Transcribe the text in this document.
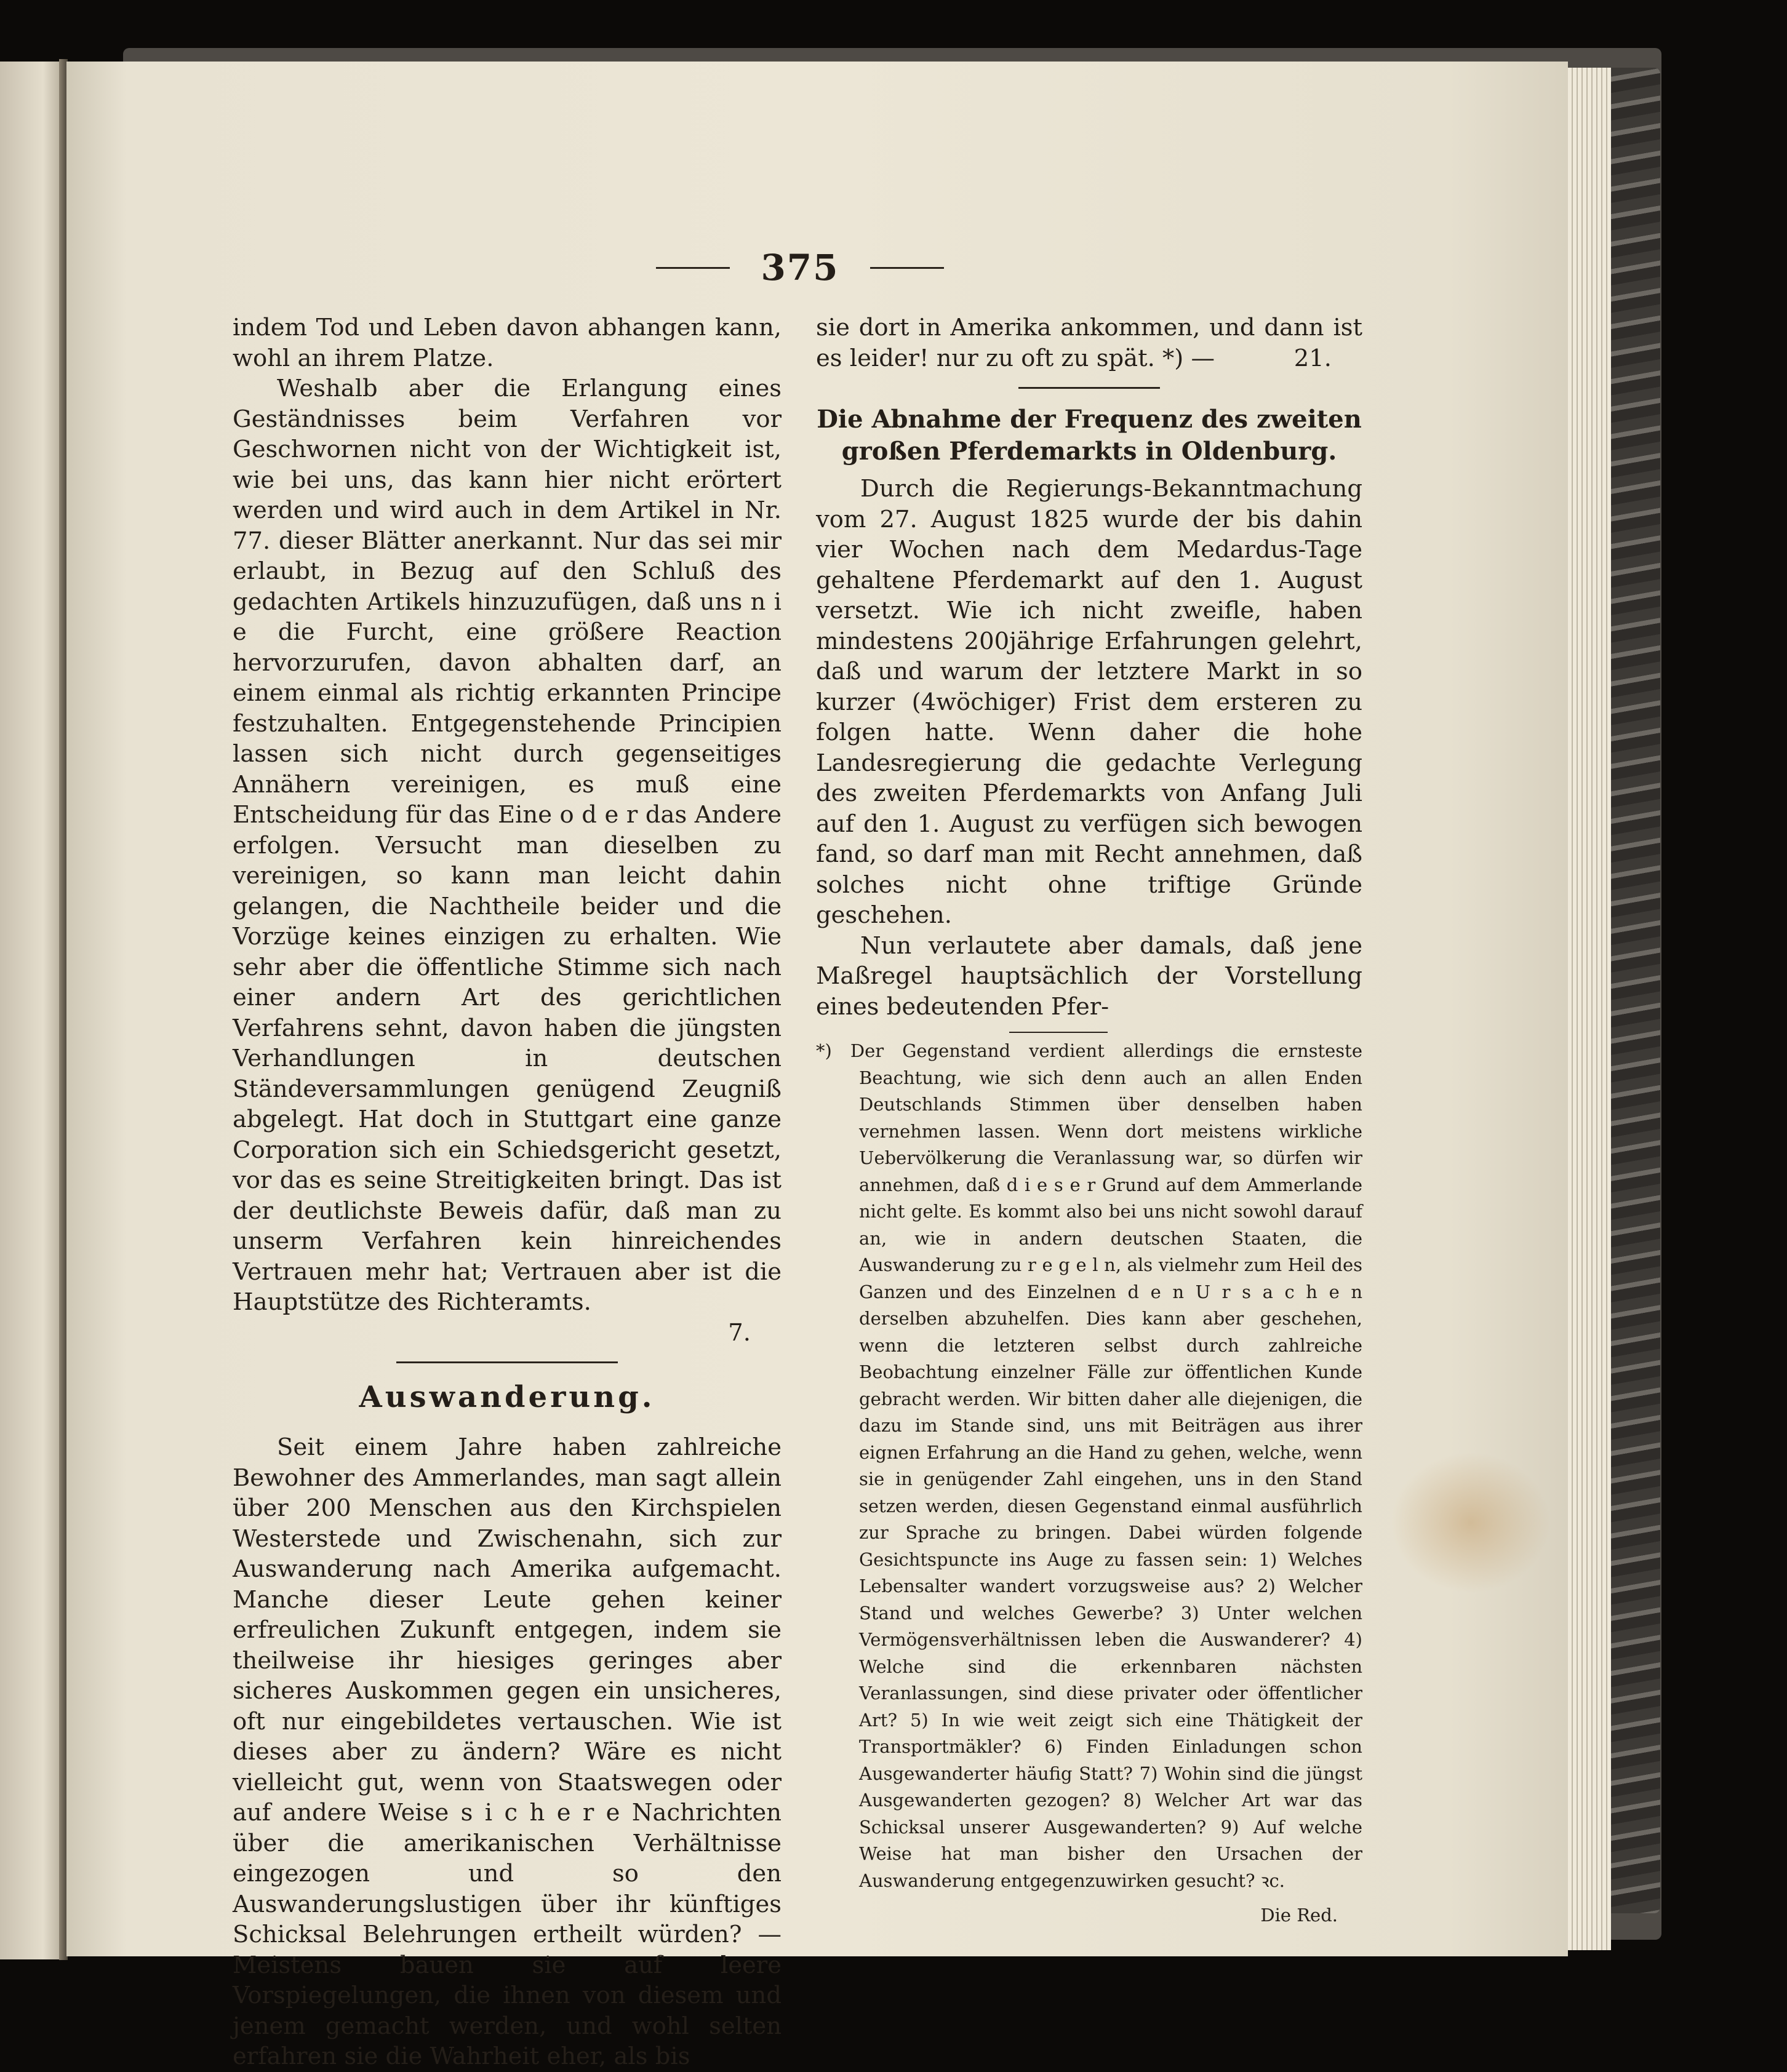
375

indem Tod und Leben davon abhangen kann, wohl an ihrem Platze.

Weshalb aber die Erlangung eines Geständnisses beim Verfahren vor Geschwornen nicht von der Wichtigkeit ist, wie bei uns, das kann hier nicht erörtert werden und wird auch in dem Artikel in Nr. 77. dieser Blätter anerkannt. Nur das sei mir erlaubt, in Bezug auf den Schluß des gedachten Artikels hinzuzufügen, daß uns n i e die Furcht, eine größere Reaction hervorzurufen, davon abhalten darf, an einem einmal als richtig erkannten Principe festzuhalten. Entgegenstehende Principien lassen sich nicht durch gegenseitiges Annähern vereinigen, es muß eine Entscheidung für das Eine o d e r das Andere erfolgen. Versucht man dieselben zu vereinigen, so kann man leicht dahin gelangen, die Nachtheile beider und die Vorzüge keines einzigen zu erhalten. Wie sehr aber die öffentliche Stimme sich nach einer andern Art des gerichtlichen Verfahrens sehnt, davon haben die jüngsten Verhandlungen in deutschen Ständeversammlungen genügend Zeugniß abgelegt. Hat doch in Stuttgart eine ganze Corporation sich ein Schiedsgericht gesetzt, vor das es seine Streitigkeiten bringt. Das ist der deutlichste Beweis dafür, daß man zu unserm Verfahren kein hinreichendes Vertrauen mehr hat; Vertrauen aber ist die Hauptstütze des Richteramts.

7.
Auswanderung.

Seit einem Jahre haben zahlreiche Bewohner des Ammerlandes, man sagt allein über 200 Menschen aus den Kirchspielen Westerstede und Zwischenahn, sich zur Auswanderung nach Amerika aufgemacht. Manche dieser Leute gehen keiner erfreulichen Zukunft entgegen, indem sie theilweise ihr hiesiges geringes aber sicheres Auskommen gegen ein unsicheres, oft nur eingebildetes vertauschen. Wie ist dieses aber zu ändern? Wäre es nicht vielleicht gut, wenn von Staatswegen oder auf andere Weise s i c h e r e Nachrichten über die amerikanischen Verhältnisse eingezogen und so den Auswanderungslustigen über ihr künftiges Schicksal Belehrungen ertheilt würden? — Meistens bauen sie auf leere Vorspiegelungen, die ihnen von diesem und jenem gemacht werden, und wohl selten erfahren sie die Wahrheit eher, als bis

sie dort in Amerika ankommen, und dann ist es leider! nur zu oft zu spät. *) —	21.
Die Abnahme der Frequenz des zweiten großen Pferdemarkts in Oldenburg.

Durch die Regierungs-Bekanntmachung vom 27. August 1825 wurde der bis dahin vier Wochen nach dem Medardus-Tage gehaltene Pferdemarkt auf den 1. August versetzt. Wie ich nicht zweifle, haben mindestens 200jährige Erfahrungen gelehrt, daß und warum der letztere Markt in so kurzer (4wöchiger) Frist dem ersteren zu folgen hatte. Wenn daher die hohe Landesregierung die gedachte Verlegung des zweiten Pferdemarkts von Anfang Juli auf den 1. August zu verfügen sich bewogen fand, so darf man mit Recht annehmen, daß solches nicht ohne triftige Gründe geschehen.

Nun verlautete aber damals, daß jene Maßregel hauptsächlich der Vorstellung eines bedeutenden Pfer-

*) Der Gegenstand verdient allerdings die ernsteste Beachtung, wie sich denn auch an allen Enden Deutschlands Stimmen über denselben haben vernehmen lassen. Wenn dort meistens wirkliche Uebervölkerung die Veranlassung war, so dürfen wir annehmen, daß d i e s e r Grund auf dem Ammerlande nicht gelte. Es kommt also bei uns nicht sowohl darauf an, wie in andern deutschen Staaten, die Auswanderung zu r e g e l n, als vielmehr zum Heil des Ganzen und des Einzelnen d e n U r s a c h e n derselben abzuhelfen. Dies kann aber geschehen, wenn die letzteren selbst durch zahlreiche Beobachtung einzelner Fälle zur öffentlichen Kunde gebracht werden. Wir bitten daher alle diejenigen, die dazu im Stande sind, uns mit Beiträgen aus ihrer eignen Erfahrung an die Hand zu gehen, welche, wenn sie in genügender Zahl eingehen, uns in den Stand setzen werden, diesen Gegenstand einmal ausführlich zur Sprache zu bringen. Dabei würden folgende Gesichtspuncte ins Auge zu fassen sein: 1) Welches Lebensalter wandert vorzugsweise aus? 2) Welcher Stand und welches Gewerbe? 3) Unter welchen Vermögensverhältnissen leben die Auswanderer? 4) Welche sind die erkennbaren nächsten Veranlassungen, sind diese privater oder öffentlicher Art? 5) In wie weit zeigt sich eine Thätigkeit der Transportmäkler? 6) Finden Einladungen schon Ausgewanderter häufig Statt? 7) Wohin sind die jüngst Ausgewanderten gezogen? 8) Welcher Art war das Schicksal unserer Ausgewanderten? 9) Auf welche Weise hat man bisher den Ursachen der Auswanderung entgegenzuwirken gesucht? ꝛc.

Die Red.
